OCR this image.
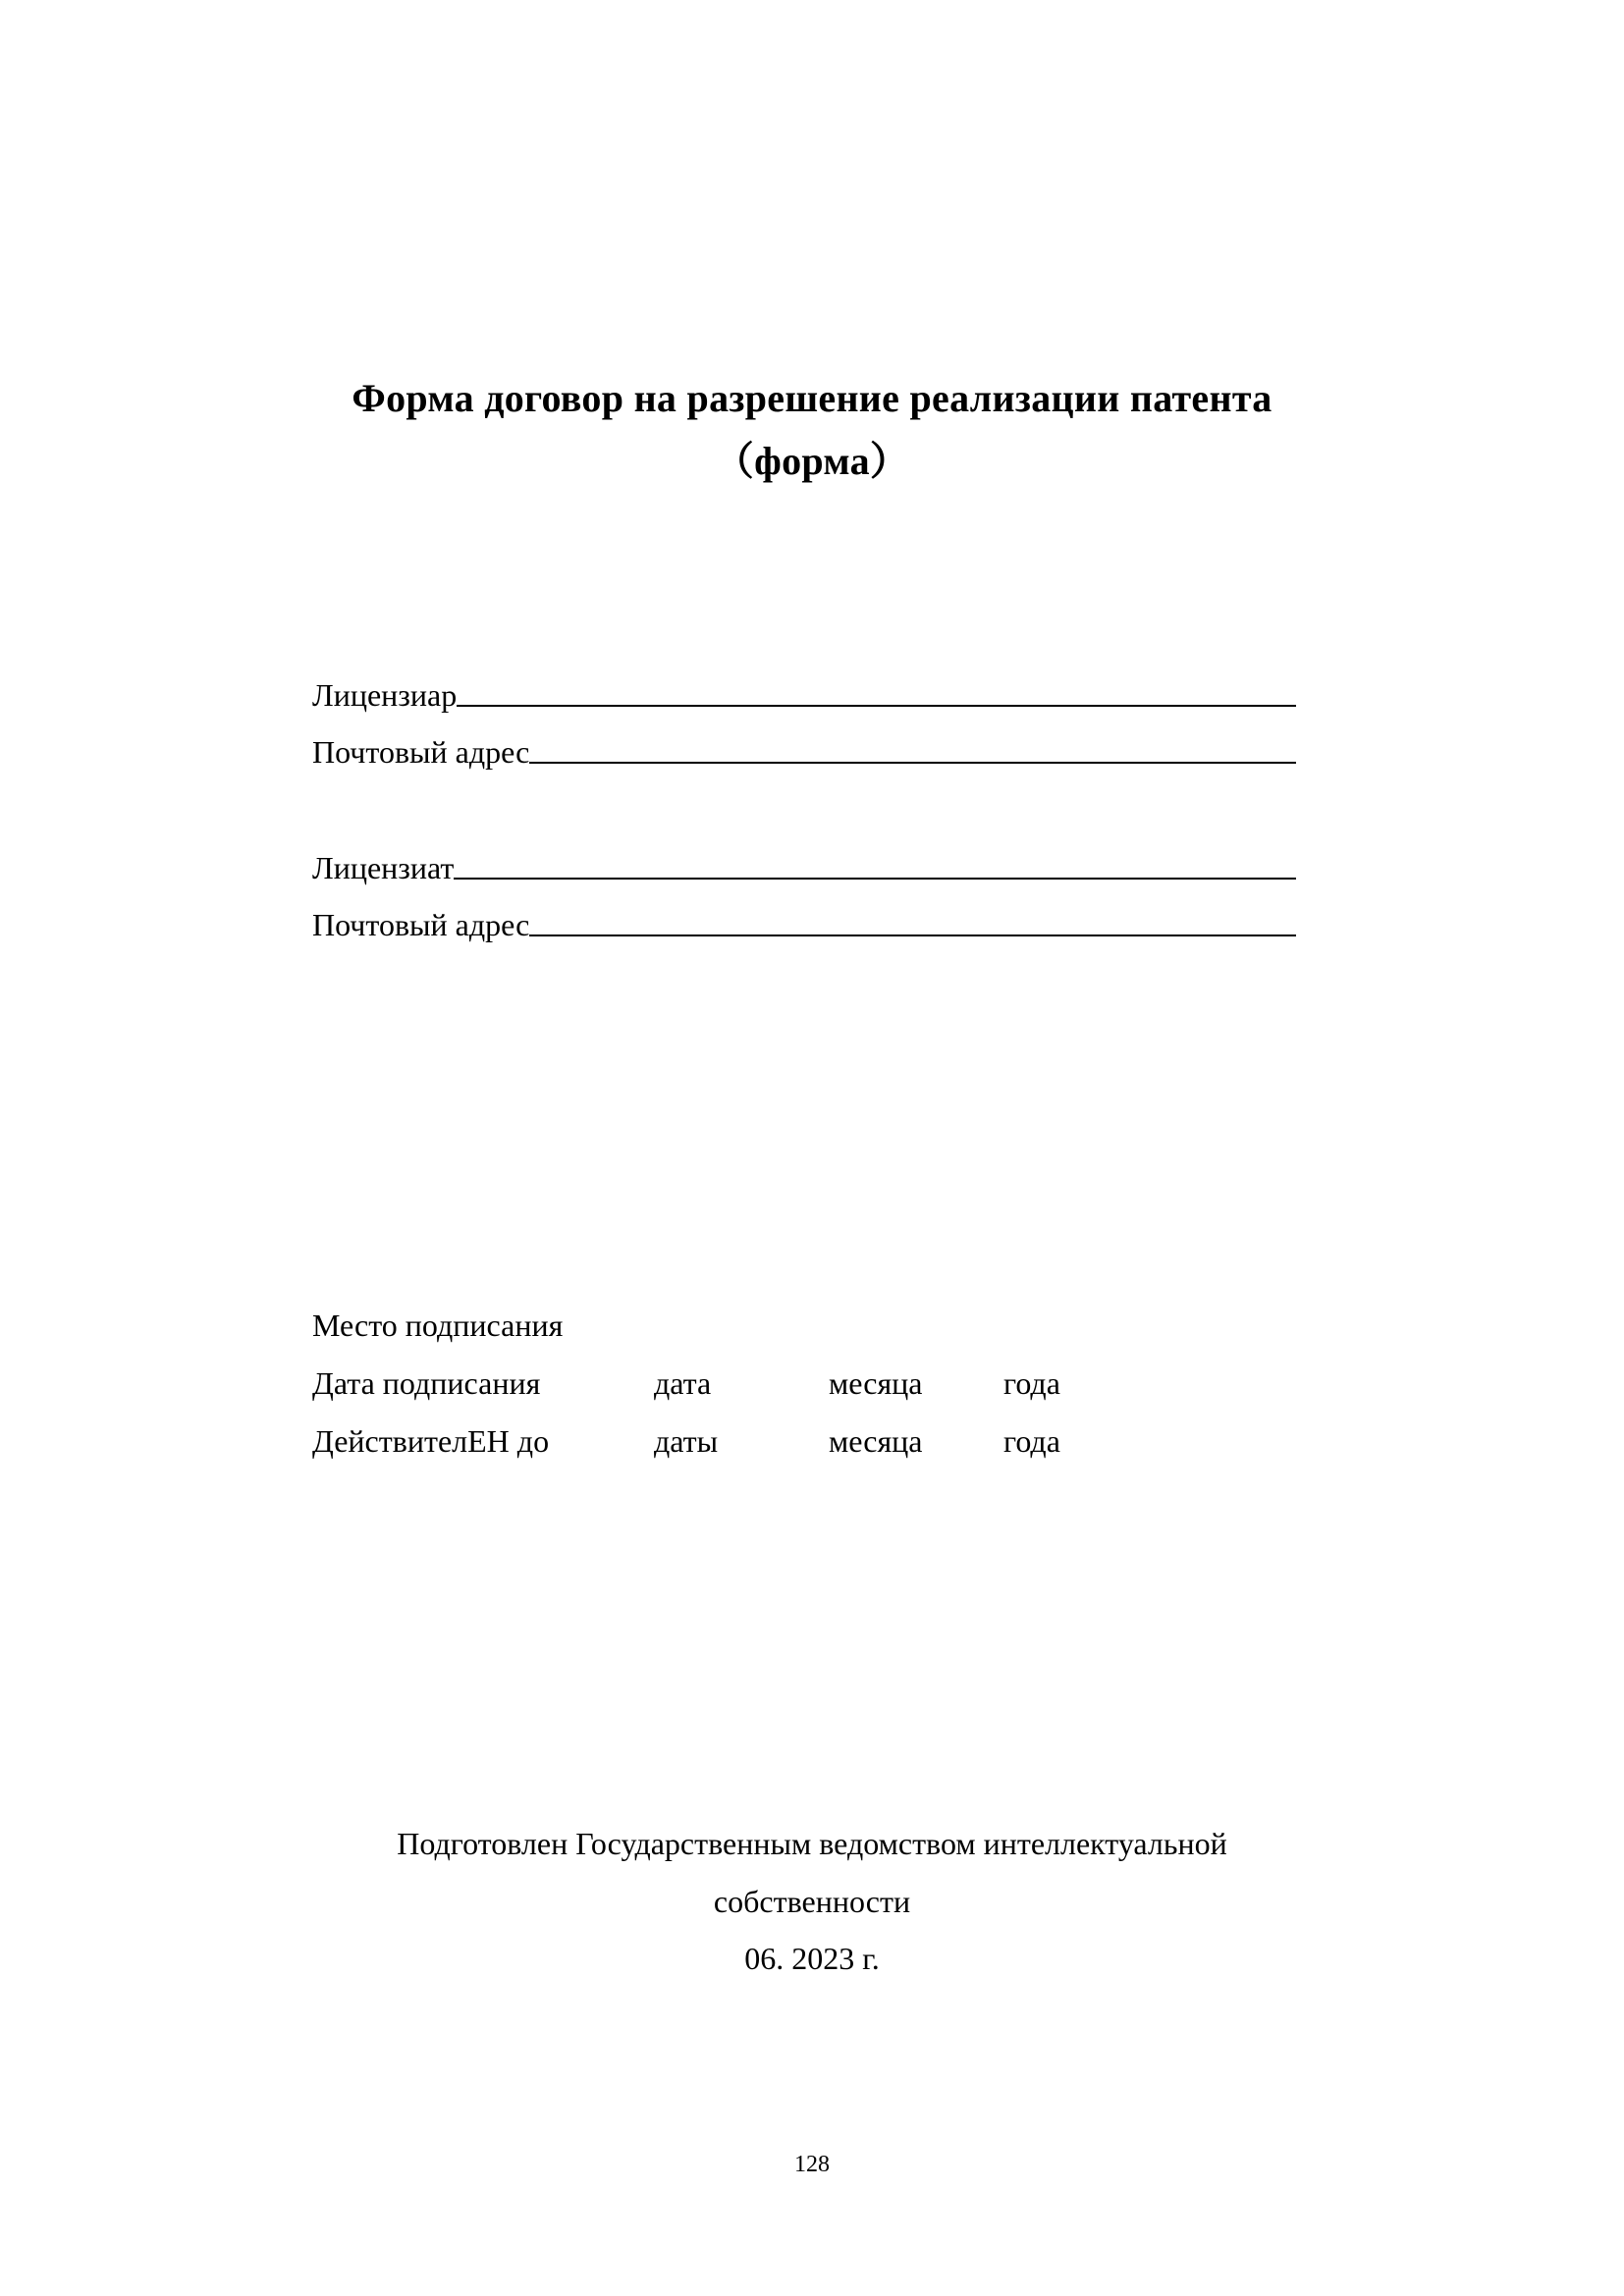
Форма договор на разрешение реализации патента
（форма）
Лицензиар
Почтовый адрес
Лицензиат
Почтовый адрес
Место подписания
Дата подписания	дата	месяца	года
ДействителЕН до	даты	месяца	года
Подготовлен Государственным ведомством интеллектуальной
собственности
06. 2023 г.
128
